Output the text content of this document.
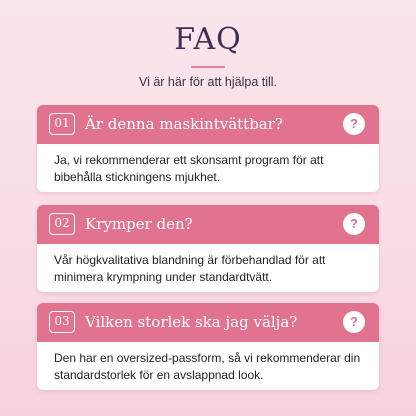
FAQ
Vi är här för att hjälpa till.
01	Är denna maskintvättbar?	?
Ja, vi rekommenderar ett skonsamt program för att bibehålla stickningens mjukhet.
02	Krymper den?	?
Vår högkvalitativa blandning är förbehandlad för att minimera krympning under standardtvätt.
03	Vilken storlek ska jag välja?	?
Den har en oversized-passform, så vi rekommenderar din standardstorlek för en avslappnad look.
